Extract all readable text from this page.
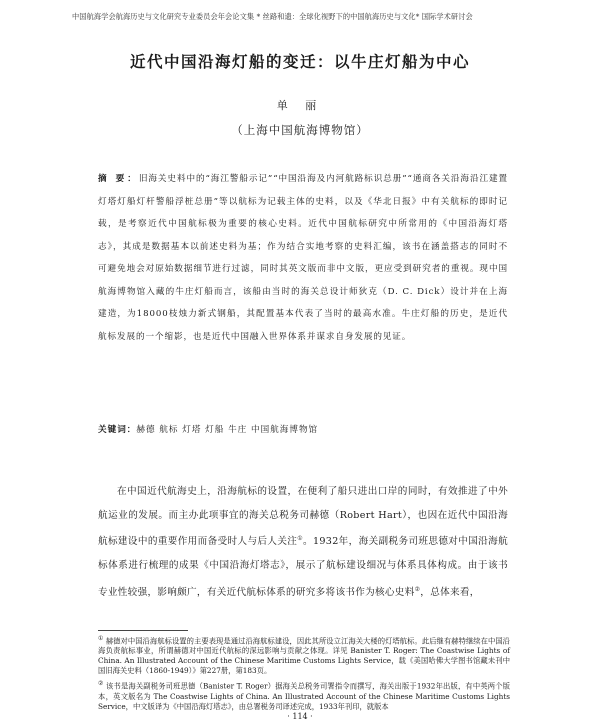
中国航海学会航海历史与文化研究专业委员会年会论文集 * 丝路和遗：全球化视野下的中国航海历史与文化* 国际学术研讨会
近代中国沿海灯船的变迁：以牛庄灯船为中心
单 丽
（上海中国航海博物馆）
摘 要：旧海关史料中的“海江警船示记”“中国沿海及内河航路标识总册”“通商各关沿海沿江建置灯塔灯船灯杆警船浮桩总册”等以航标为记载主体的史料，以及《华北日报》中有关航标的即时记载，是考察近代中国航标极为重要的核心史料。近代中国航标研究中所常用的《中国沿海灯塔志》，其成是数据基本以前述史料为基；作为结合实地考察的史料汇编，该书在涵盖搭志的同时不可避免地会对原始数据细节进行过滤，同时其英文版而非中文版，更应受到研究者的重视。现中国航海博物馆入藏的牛庄灯船而言，该船由当时的海关总设计师狄克（D. C. Dick）设计并在上海建造，为18000枝烛力新式钢船，其配置基本代表了当时的最高水准。牛庄灯船的历史，是近代航标发展的一个缩影，也是近代中国融入世界体系并谋求自身发展的见证。
关键词：赫德 航标 灯塔 灯船 牛庄 中国航海博物馆
在中国近代航海史上，沿海航标的设置，在便利了船只进出口岸的同时，有效推进了中外航运业的发展。而主办此项事宜的海关总税务司赫德（Robert Hart），也因在近代中国沿海航标建设中的重要作用而备受时人与后人关注①。1932年，海关副税务司班思德对中国沿海航标体系进行梳理的成果《中国沿海灯塔志》，展示了航标建设细况与体系具体构成。由于该书专业性较强，影响颇广，有关近代航标体系的研究多将该书作为核心史料②，总体来看，
① 赫德对中国沿海航标设置的主要表现是通过沿海航标建设，因此其所设立江海关大楼的灯塔航标。此后继有赫特继续在中国沿海负责航标事业，所谓赫德对中国近代航标的深远影响与贡献之体现。详见 Banister T. Roger: The Coastwise Lights of China. An Illustrated Account of the Chinese Maritime Customs Lights Service，载《美国哈佛大学图书馆藏未刊中国旧海关史料（1860-1949）》第227册，第183页。
② 该书是海关副税务司班思德（Banister T. Roger）据海关总税务司署指令而撰写，海关出版于1932年出版，有中英两个版本，英文版名为 The Coastwise Lights of China. An Illustrated Account of the Chinese Maritime Customs Lights Service，中文版译为《中国沿海灯塔志》，由总署税务司译述完成，1933年刊印，就版本
· 114 ·
